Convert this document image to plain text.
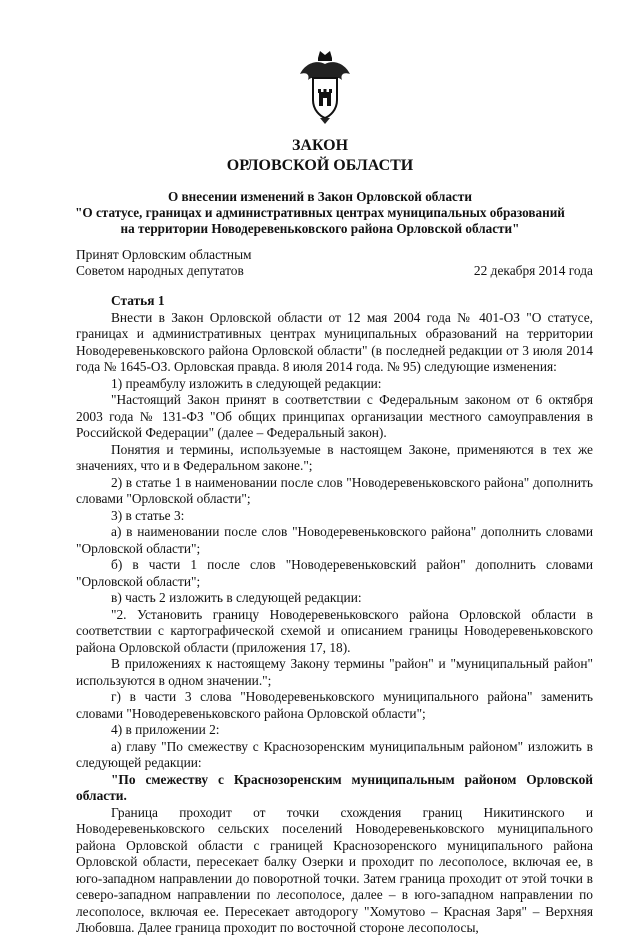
ЗАКОН
ОРЛОВСКОЙ ОБЛАСТИ
О внесении изменений в Закон Орловской области
"О статусе, границах и административных центрах муниципальных образований
на территории Новодеревеньковского района Орловской области"
Принят Орловским областным
Советом народных депутатов	22 декабря 2014 года

Статья 1

Внести в Закон Орловской области от 12 мая 2004 года № 401-ОЗ "О статусе, границах и административных центрах муниципальных образований на территории Новодеревеньковского района Орловской области" (в последней редакции от 3 июля 2014 года № 1645-ОЗ. Орловская правда. 8 июля 2014 года. № 95) следующие изменения:

1) преамбулу изложить в следующей редакции:

"Настоящий Закон принят в соответствии с Федеральным законом от 6 октября 2003 года № 131-ФЗ "Об общих принципах организации местного самоуправления в Российской Федерации" (далее – Федеральный закон).

Понятия и термины, используемые в настоящем Законе, применяются в тех же значениях, что и в Федеральном законе.";

2) в статье 1 в наименовании после слов "Новодеревеньковского района" дополнить словами "Орловской области";

3) в статье 3:

а) в наименовании после слов "Новодеревеньковского района" дополнить словами "Орловской области";

б) в части 1 после слов "Новодеревеньковский район" дополнить словами "Орловской области";

в) часть 2 изложить в следующей редакции:

"2. Установить границу Новодеревеньковского района Орловской области в соответствии с картографической схемой и описанием границы Новодеревеньковского района Орловской области (приложения 17, 18).

В приложениях к настоящему Закону термины "район" и "муниципальный район" используются в одном значении.";

г) в части 3 слова "Новодеревеньковского муниципального района" заменить словами "Новодеревеньковского района Орловской области";

4) в приложении 2:

а) главу "По смежеству с Краснозоренским муниципальным районом" изложить в следующей редакции:

"По смежеству с Краснозоренским муниципальным районом Орловской области.

Граница проходит от точки схождения границ Никитинского и Новодеревеньковского сельских поселений Новодеревеньковского муниципального района Орловской области с границей Краснозоренского муниципального района Орловской области, пересекает балку Озерки и проходит по лесополосе, включая ее, в юго-западном направлении до поворотной точки. Затем граница проходит от этой точки в северо-западном направлении по лесополосе, далее – в юго-западном направлении по лесополосе, включая ее. Пересекает автодорогу "Хомутово – Красная Заря" – Верхняя Любовша. Далее граница проходит по восточной стороне лесополосы,
